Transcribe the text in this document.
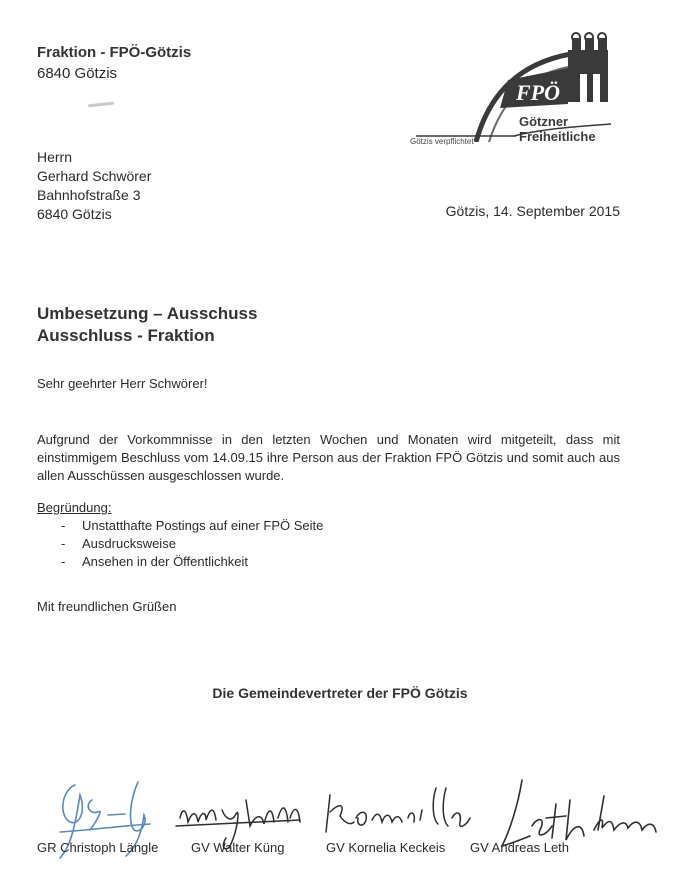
Fraktion - FPÖ-Götzis
6840 Götzis
FPÖ
Götzis verpflichtet
Götzner
Freiheitliche
Herrn
Gerhard Schwörer
Bahnhofstraße 3
6840 Götzis	Götzis, 14. September 2015
Umbesetzung – Ausschuss
Ausschluss - Fraktion
Sehr geehrter Herr Schwörer!
Aufgrund der Vorkommnisse in den letzten Wochen und Monaten wird mitgeteilt, dass mit einstimmigem Beschluss vom 14.09.15 ihre Person aus der Fraktion FPÖ Götzis und somit auch aus allen Ausschüssen ausgeschlossen wurde.
Begründung:
- Unstatthafte Postings auf einer FPÖ Seite
- Ausdrucksweise
- Ansehen in der Öffentlichkeit
Mit freundlichen Grüßen
Die Gemeindevertreter der FPÖ Götzis
GR Christoph Längle	GV Walter Küng	GV Kornelia Keckeis GV Andreas Leth
